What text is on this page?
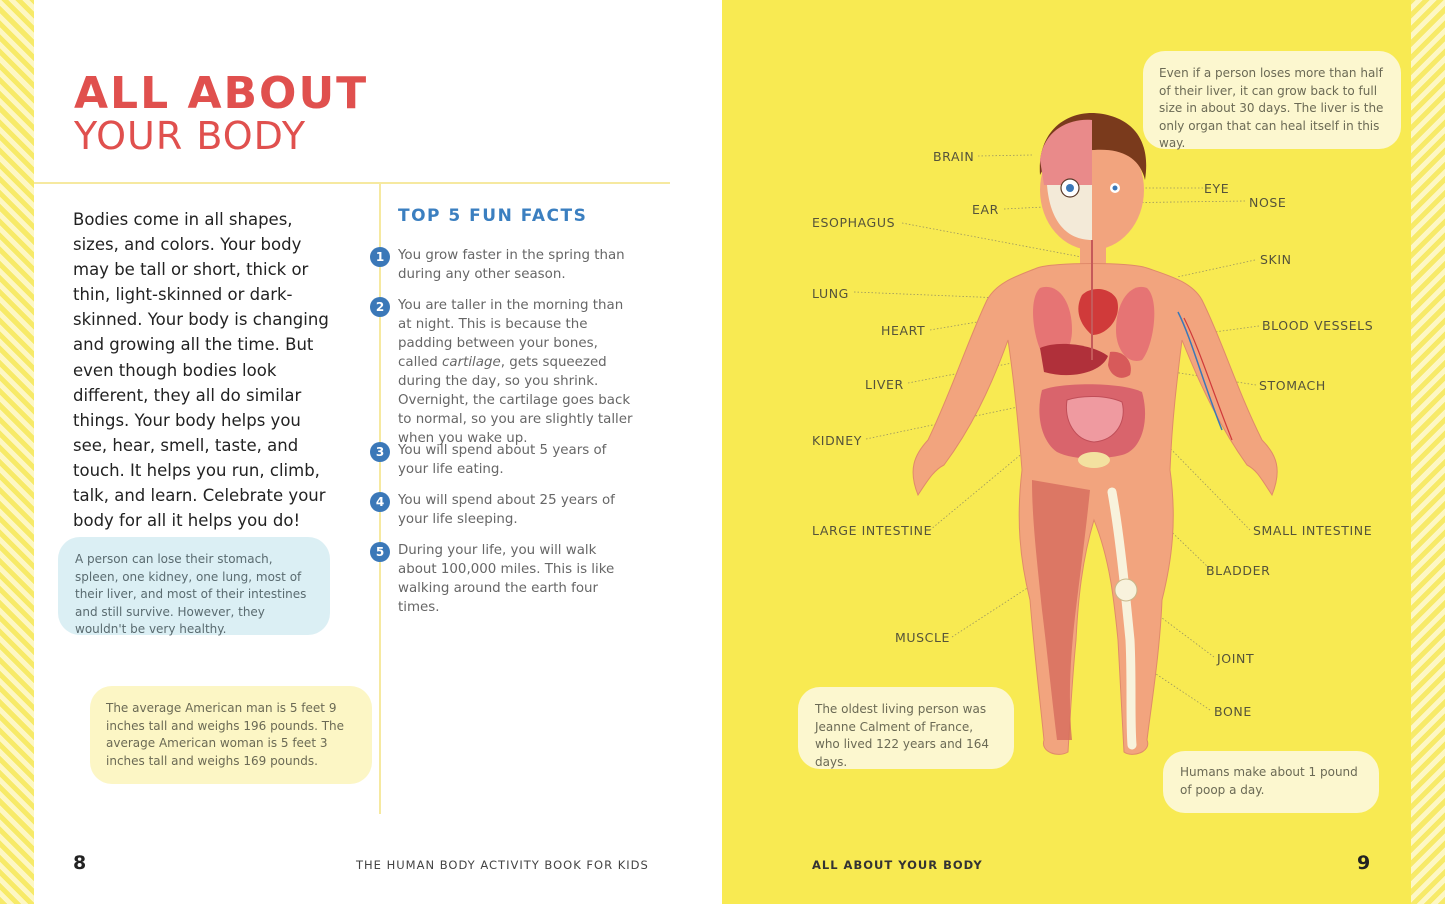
ALL ABOUT
YOUR BODY
Bodies come in all shapes, sizes, and colors. Your body may be tall or short, thick or thin, light-skinned or dark-skinned. Your body is changing and growing all the time. But even though bodies look different, they all do similar things. Your body helps you see, hear, smell, taste, and touch. It helps you run, climb, talk, and learn. Celebrate your body for all it helps you do!
A person can lose their stomach, spleen, one kidney, one lung, most of their liver, and most of their intestines and still survive. However, they wouldn't be very healthy.
The average American man is 5 feet 9 inches tall and weighs 196 pounds. The average American woman is 5 feet 3 inches tall and weighs 169 pounds.
TOP 5 FUN FACTS
1	You grow faster in the spring than during any other season.
2	You are taller in the morning than at night. This is because the padding between your bones, called cartilage, gets squeezed during the day, so you shrink. Overnight, the cartilage goes back to normal, so you are slightly taller when you wake up.
3	You will spend about 5 years of your life eating.
4	You will spend about 25 years of your life sleeping.
5	During your life, you will walk about 100,000 miles. This is like walking around the earth four times.
8	THE HUMAN BODY ACTIVITY BOOK FOR KIDS
Even if a person loses more than half of their liver, it can grow back to full size in about 30 days. The liver is the only organ that can heal itself in this way.
The oldest living person was Jeanne Calment of France, who lived 122 years and 164 days.
Humans make about 1 pound of poop a day.
BRAIN
EAR
ESOPHAGUS
LUNG
HEART
LIVER
KIDNEY
LARGE INTESTINE
MUSCLE
EYE
NOSE
SKIN
BLOOD VESSELS
STOMACH
SMALL INTESTINE
BLADDER
JOINT
BONE
ALL ABOUT YOUR BODY	9
